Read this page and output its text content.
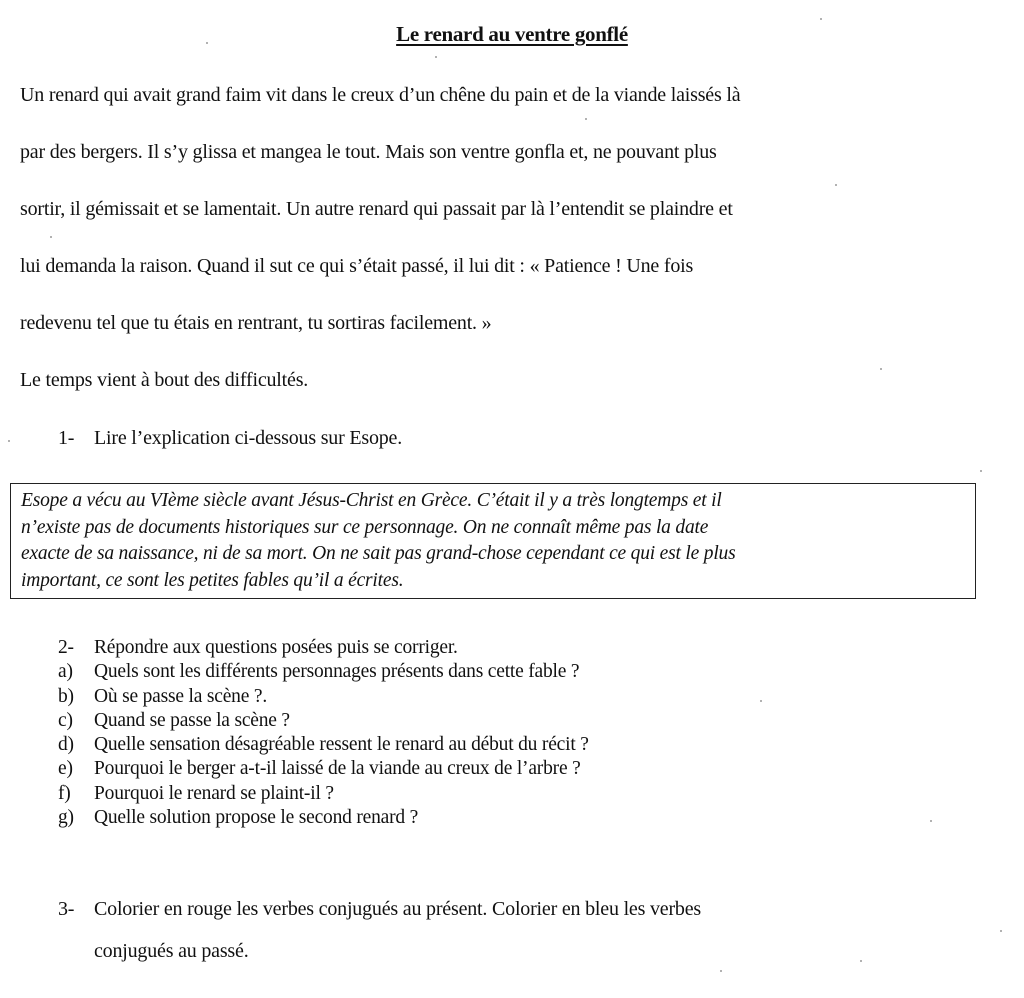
Le renard au ventre gonflé
Un renard qui avait grand faim vit dans le creux d’un chêne du pain et de la viande laissés là
par des bergers. Il s’y glissa et mangea le tout. Mais son ventre gonfla et, ne pouvant plus
sortir, il gémissait et se lamentait. Un autre renard qui passait par là l’entendit se plaindre et
lui demanda la raison. Quand il sut ce qui s’était passé, il lui dit : « Patience ! Une fois
redevenu tel que tu étais en rentrant, tu sortiras facilement. »
Le temps vient à bout des difficultés.
1- Lire l’explication ci-dessous sur Esope.
Esope a vécu au VIème siècle avant Jésus-Christ en Grèce. C’était il y a très longtemps et il
n’existe pas de documents historiques sur ce personnage. On ne connaît même pas la date
exacte de sa naissance, ni de sa mort. On ne sait pas grand-chose cependant ce qui est le plus
important, ce sont les petites fables qu’il a écrites.
2- Répondre aux questions posées puis se corriger.
a) Quels sont les différents personnages présents dans cette fable ?
b) Où se passe la scène ?.
c) Quand se passe la scène ?
d) Quelle sensation désagréable ressent le renard au début du récit ?
e) Pourquoi le berger a-t-il laissé de la viande au creux de l’arbre ?
f) Pourquoi le renard se plaint-il ?
g) Quelle solution propose le second renard ?
3- Colorier en rouge les verbes conjugués au présent. Colorier en bleu les verbes
conjugués au passé.
